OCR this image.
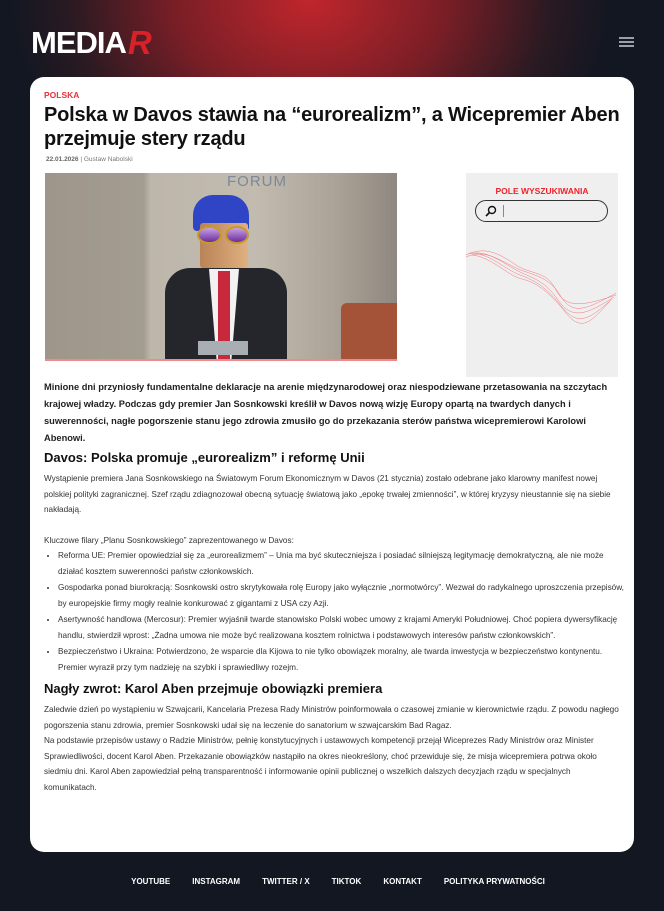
MEDIA R
POLSKA
Polska w Davos stawia na “eurorealizm”, a Wicepremier Aben przejmuje stery rządu
22.01.2026 | Gustaw Nabolski
FORUM
POLE WYSZUKIWANIA
Minione dni przyniosły fundamentalne deklaracje na arenie międzynarodowej oraz niespodziewane przetasowania na szczytach krajowej władzy. Podczas gdy premier Jan Sosnkowski kreślił w Davos nową wizję Europy opartą na twardych danych i suwerenności, nagłe pogorszenie stanu jego zdrowia zmusiło go do przekazania sterów państwa wicepremierowi Karolowi Abenowi.
Davos: Polska promuje „eurorealizm” i reformę Unii

Wystąpienie premiera Jana Sosnkowskiego na Światowym Forum Ekonomicznym w Davos (21 stycznia) zostało odebrane jako klarowny manifest nowej polskiej polityki zagranicznej. Szef rządu zdiagnozował obecną sytuację światową jako „epokę trwałej zmienności”, w której kryzysy nieustannie się na siebie nakładają.

Kluczowe filary „Planu Sosnkowskiego” zaprezentowanego w Davos:

• Reforma UE: Premier opowiedział się za „eurorealizmem” – Unia ma być skuteczniejsza i posiadać silniejszą legitymację demokratyczną, ale nie może działać kosztem suwerenności państw członkowskich.
• Gospodarka ponad biurokracją: Sosnkowski ostro skrytykowała rolę Europy jako wyłącznie „normotwórcy”. Wezwał do radykalnego uproszczenia przepisów, by europejskie firmy mogły realnie konkurować z gigantami z USA czy Azji.
• Asertywność handlowa (Mercosur): Premier wyjaśnił twarde stanowisko Polski wobec umowy z krajami Ameryki Południowej. Choć popiera dywersyfikację handlu, stwierdził wprost: „Żadna umowa nie może być realizowana kosztem rolnictwa i podstawowych interesów państw członkowskich”.
• Bezpieczeństwo i Ukraina: Potwierdzono, że wsparcie dla Kijowa to nie tylko obowiązek moralny, ale twarda inwestycja w bezpieczeństwo kontynentu. Premier wyraził przy tym nadzieję na szybki i sprawiedliwy rozejm.
Nagły zwrot: Karol Aben przejmuje obowiązki premiera

Zaledwie dzień po wystąpieniu w Szwajcarii, Kancelaria Prezesa Rady Ministrów poinformowała o czasowej zmianie w kierownictwie rządu. Z powodu nagłego pogorszenia stanu zdrowia, premier Sosnkowski udał się na leczenie do sanatorium w szwajcarskim Bad Ragaz.

Na podstawie przepisów ustawy o Radzie Ministrów, pełnię konstytucyjnych i ustawowych kompetencji przejął Wiceprezes Rady Ministrów oraz Minister Sprawiedliwości, docent Karol Aben. Przekazanie obowiązków nastąpiło na okres nieokreślony, choć przewiduje się, że misja wicepremiera potrwa około siedmiu dni. Karol Aben zapowiedział pełną transparentność i informowanie opinii publicznej o wszelkich dalszych decyzjach rządu w specjalnych komunikatach.

YOUTUBE	INSTAGRAM	TWITTER / X	TIKTOK	KONTAKT	POLITYKA PRYWATNOŚCI
